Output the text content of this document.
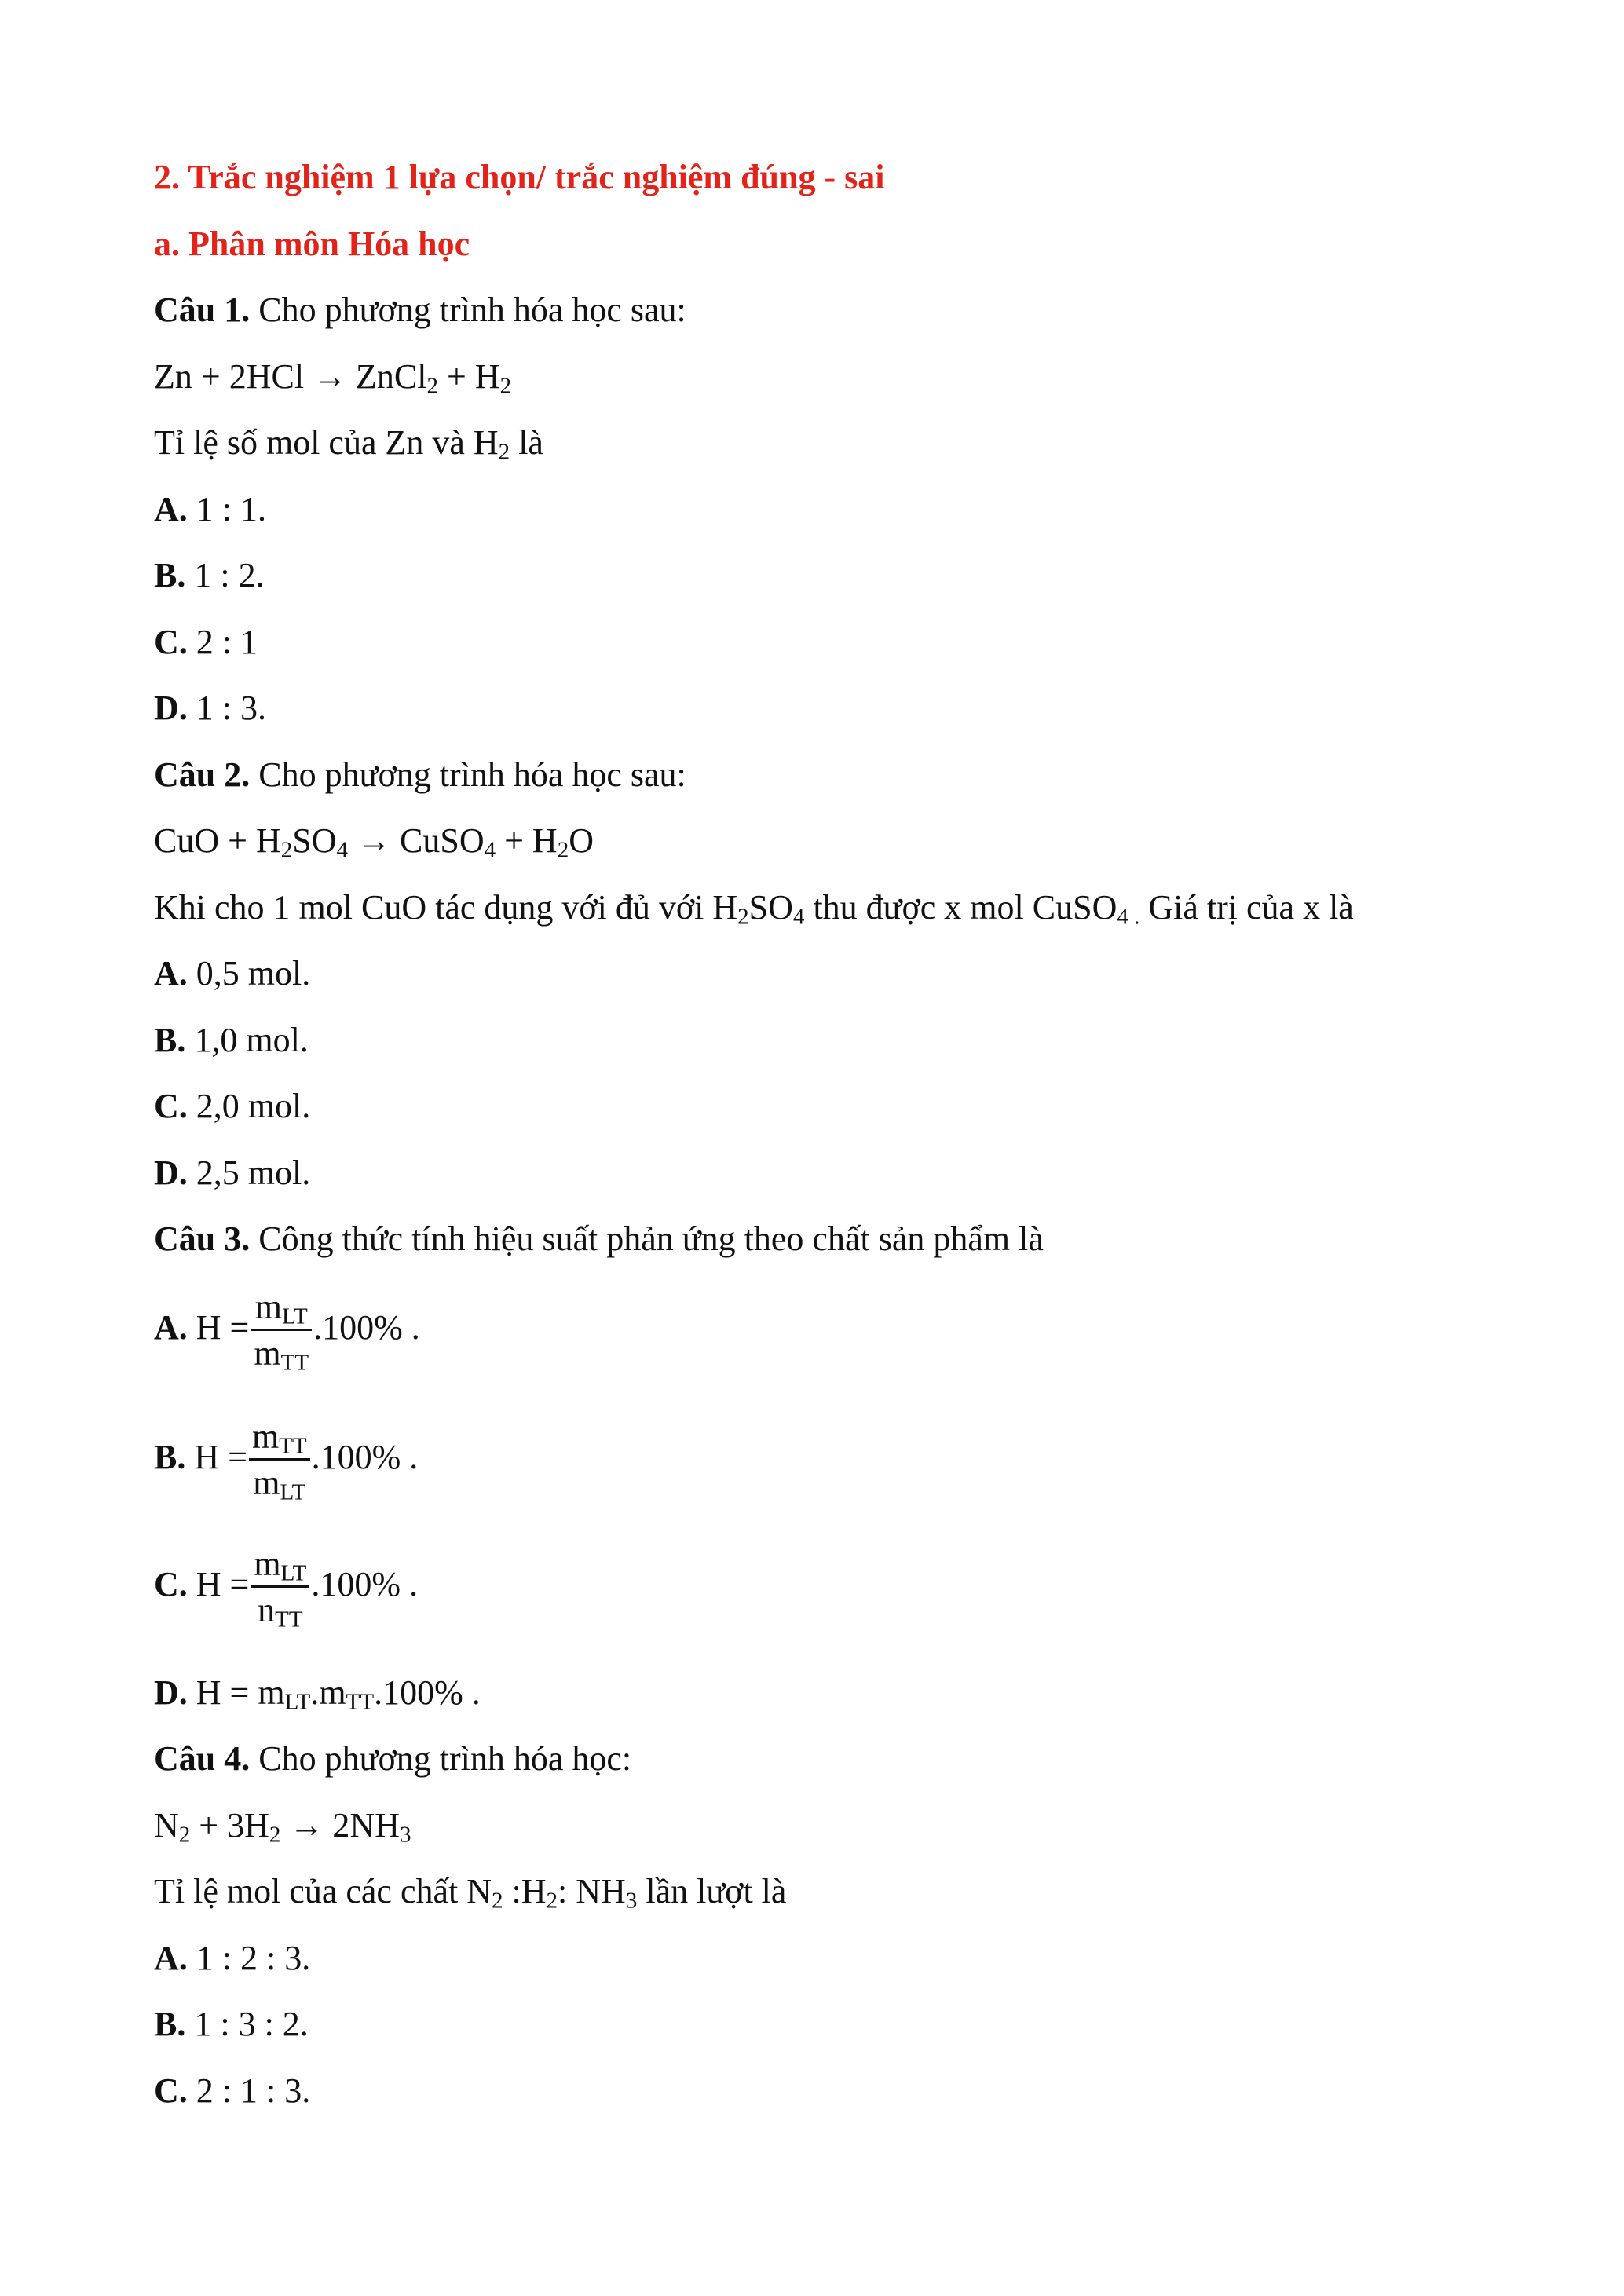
2. Trắc nghiệm 1 lựa chọn/ trắc nghiệm đúng - sai
a. Phân môn Hóa học
Câu 1. Cho phương trình hóa học sau:
Zn + 2HCl → ZnCl$_2$ + $H_2$
Tỉ lệ số mol của Zn và $H_2$ là
A. 1 : 1.
B. 1 : 2.
C. 2 : 1
D. 1 : 3.
Câu 2. Cho phương trình hóa học sau:
CuO + $H_2SO_4$ → CuSO$_4$ + $H_2O$
Khi cho 1 mol CuO tác dụng với đủ với $H_2SO_4$ thu được x mol CuSO$_{4 .}$ Giá trị của x là
A. 0,5 mol.
B. 1,0 mol.
C. 2,0 mol.
D. 2,5 mol.
Câu 3. Công thức tính hiệu suất phản ứng theo chất sản phẩm là
A. $H = \frac{m_{LT}}{m_{TT}} .100\%$ .
B. $H = \frac{m_{TT}}{m_{LT}} .100\%$ .
C. $H = \frac{m_{LT}}{n_{TT}} .100\%$ .
D. $H = m_{LT}.m_{TT}.100\%$ .
Câu 4. Cho phương trình hóa học:
$N_2 + 3H_2 \to 2NH_3$
Tỉ lệ mol của các chất $N_2$ $:H_2$: $NH_3$ lần lượt là
A. 1 : 2 : 3.
B. 1 : 3 : 2.
C. 2 : 1 : 3.
